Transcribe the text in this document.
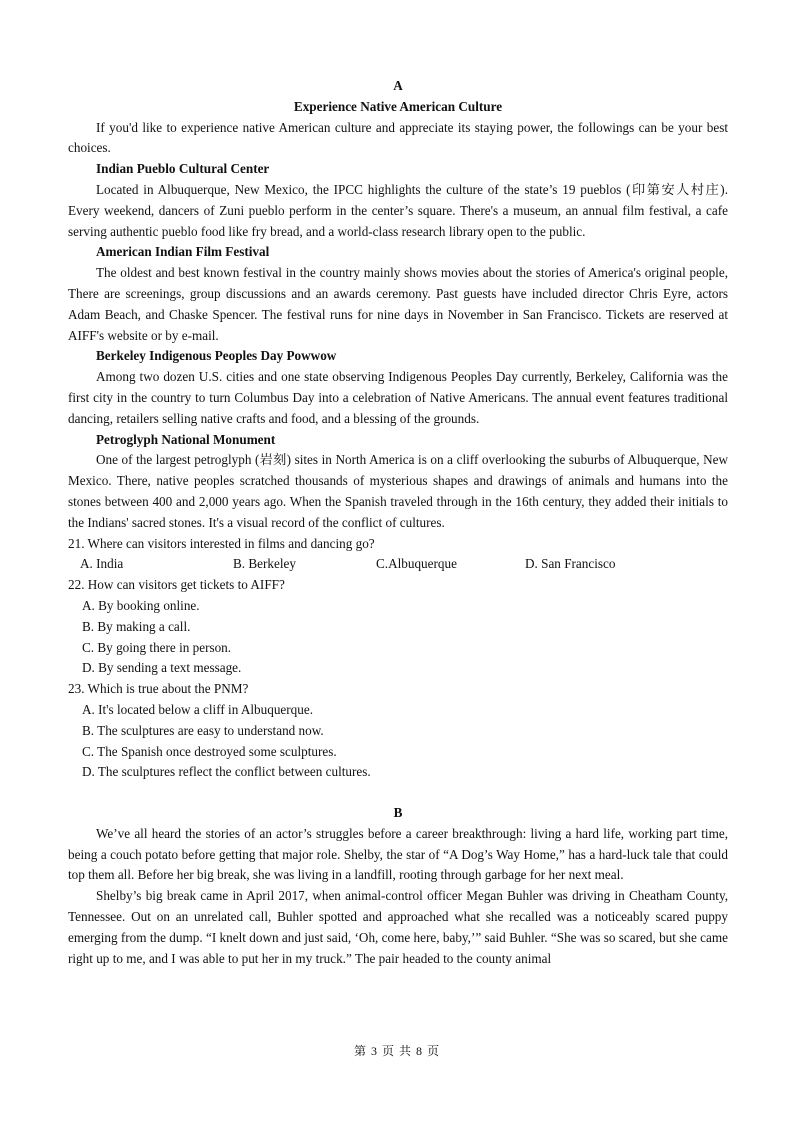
A

Experience Native American Culture

If you'd like to experience native American culture and appreciate its staying power, the followings can be your best choices.

Indian Pueblo Cultural Center

Located in Albuquerque, New Mexico, the IPCC highlights the culture of the state’s 19 pueblos (印第安人村庄). Every weekend, dancers of Zuni pueblo perform in the center’s square. There's a museum, an annual film festival, a cafe serving authentic pueblo food like fry bread, and a world-class research library open to the public.

American Indian Film Festival

The oldest and best known festival in the country mainly shows movies about the stories of America's original people, There are screenings, group discussions and an awards ceremony. Past guests have included director Chris Eyre, actors Adam Beach, and Chaske Spencer. The festival runs for nine days in November in San Francisco. Tickets are reserved at AIFF's website or by e-mail.

Berkeley Indigenous Peoples Day Powwow

Among two dozen U.S. cities and one state observing Indigenous Peoples Day currently, Berkeley, California was the first city in the country to turn Columbus Day into a celebration of Native Americans. The annual event features traditional dancing, retailers selling native crafts and food, and a blessing of the grounds.

Petroglyph National Monument

One of the largest petroglyph (岩刻) sites in North America is on a cliff overlooking the suburbs of Albuquerque, New Mexico. There, native peoples scratched thousands of mysterious shapes and drawings of animals and humans into the stones between 400 and 2,000 years ago. When the Spanish traveled through in the 16th century, they added their initials to the Indians' sacred stones. It's a visual record of the conflict of cultures.

21. Where can visitors interested in films and dancing go?

A. India	B. Berkeley	C.Albuquerque	D. San Francisco

22. How can visitors get tickets to AIFF?

A. By booking online.

B. By making a call.

C. By going there in person.

D. By sending a text message.

23. Which is true about the PNM?

A. It's located below a cliff in Albuquerque.

B. The sculptures are easy to understand now.

C. The Spanish once destroyed some sculptures.

D. The sculptures reflect the conflict between cultures.

B

We’ve all heard the stories of an actor’s struggles before a career breakthrough: living a hard life, working part time, being a couch potato before getting that major role. Shelby, the star of “A Dog’s Way Home,” has a hard-luck tale that could top them all. Before her big break, she was living in a landfill, rooting through garbage for her next meal.

Shelby’s big break came in April 2017, when animal-control officer Megan Buhler was driving in Cheatham County, Tennessee. Out on an unrelated call, Buhler spotted and approached what she recalled was a noticeably scared puppy emerging from the dump. “I knelt down and just said, ‘Oh, come here, baby,’” said Buhler. “She was so scared, but she came right up to me, and I was able to put her in my truck.” The pair headed to the county animal

第 3 页 共 8 页
